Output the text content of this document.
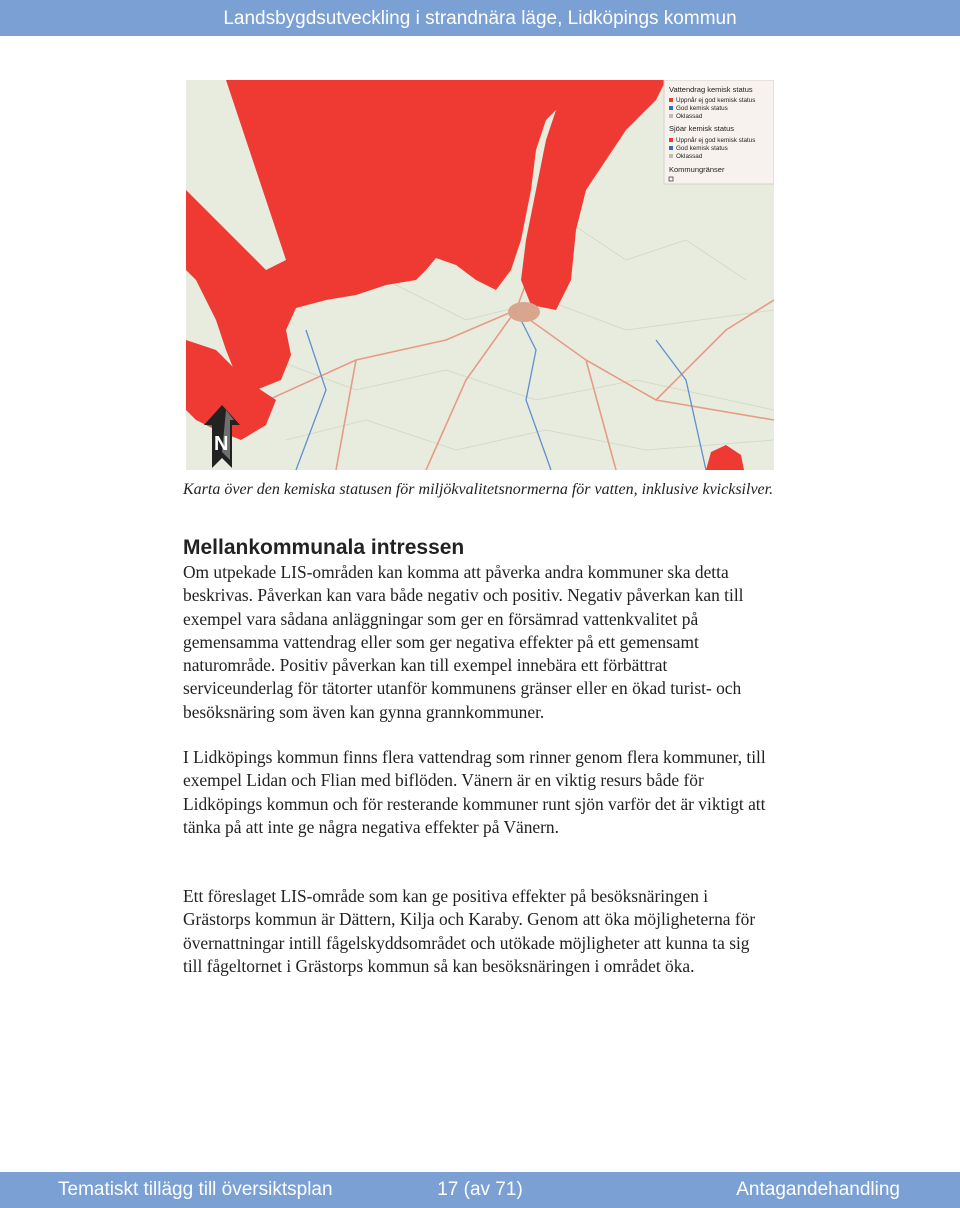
Landsbygdsutveckling i strandnära läge, Lidköpings kommun
Vattendrag kemisk status
Uppnår ej god kemisk status
God kemisk status
Oklassad
Sjöar kemisk status
Uppnår ej god kemisk status
God kemisk status
Oklassad
Kommungränser
N
Karta över den kemiska statusen för miljökvalitetsnormerna för vatten, inklusive kvicksilver.
Mellankommunala intressen
Om utpekade LIS-områden kan komma att påverka andra kommuner ska detta beskrivas. Påverkan kan vara både negativ och positiv. Negativ påverkan kan till exempel vara sådana anläggningar som ger en försämrad vattenkvalitet på gemensamma vattendrag eller som ger negativa effekter på ett gemensamt naturområde. Positiv påverkan kan till exempel innebära ett förbättrat serviceunderlag för tätorter utanför kommunens gränser eller en ökad turist- och besöksnäring som även kan gynna grannkommuner.
I Lidköpings kommun finns flera vattendrag som rinner genom flera kommuner, till exempel Lidan och Flian med biflöden. Vänern är en viktig resurs både för Lidköpings kommun och för resterande kommuner runt sjön varför det är viktigt att tänka på att inte ge några negativa effekter på Vänern.
Ett föreslaget LIS-område som kan ge positiva effekter på besöksnäringen i Grästorps kommun är Dättern, Kilja och Karaby. Genom att öka möjligheterna för övernattningar intill fågelskyddsområdet och utökade möjligheter att kunna ta sig till fågeltornet i Grästorps kommun så kan besöksnäringen i området öka.
Tematiskt tillägg till översiktsplan	17 (av 71)	Antagandehandling
